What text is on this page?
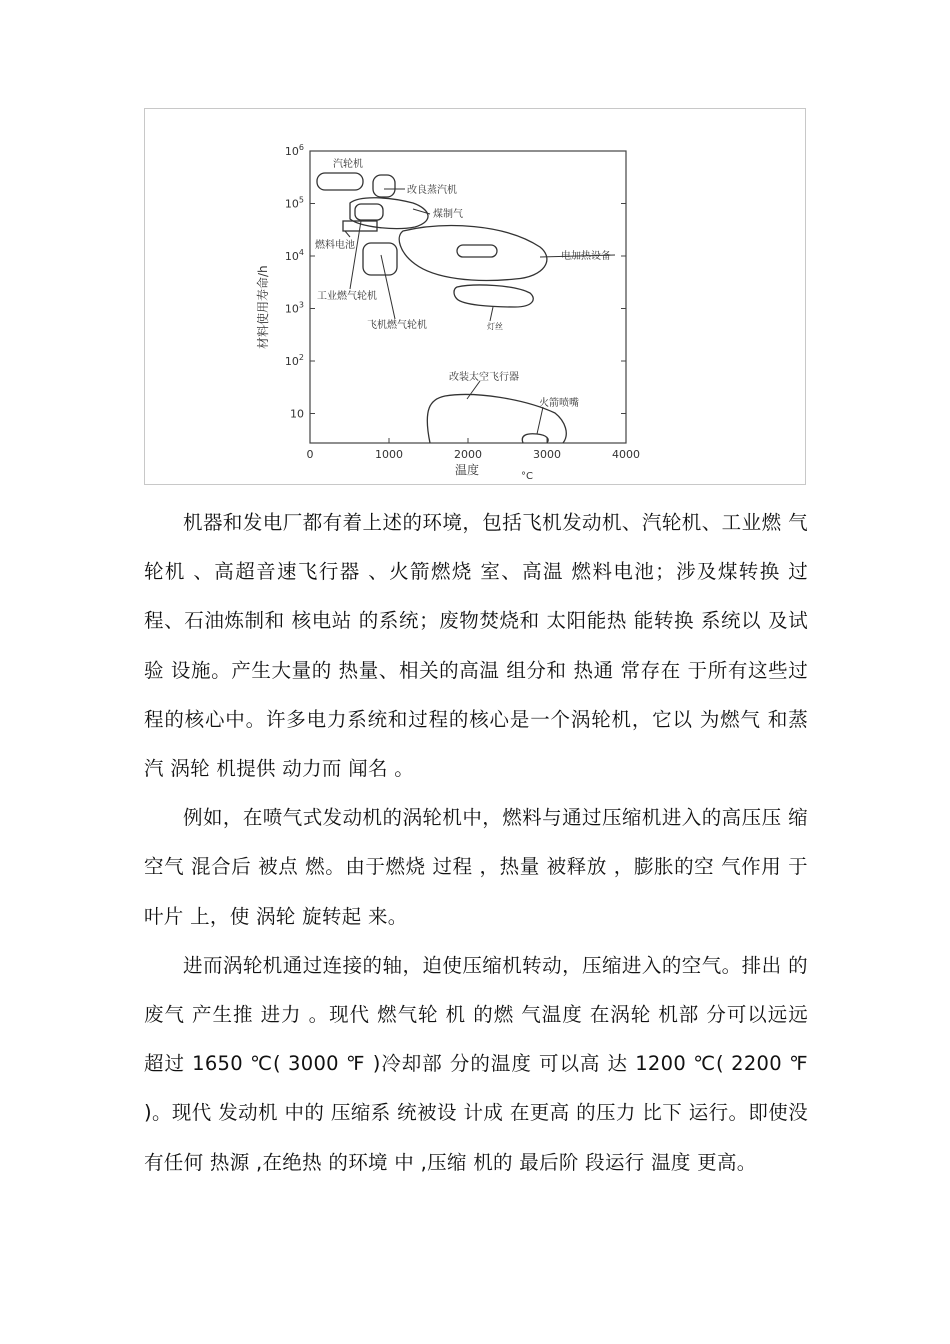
0	1000	2000	3000	4000
$10^6$
$10^5$
$10^4$
$10^3$
$10^2$
10
汽轮机
改良蒸汽机
煤制气
燃料电池
电加热设备
工业燃气轮机
飞机燃气轮机	灯丝
改装太空飞行器
火箭喷嘴
温度	°C
材料使用寿命/h

机器和发电厂都有着上述的环境，包括飞机发动机、汽轮机、工业燃 气轮机 、高超音速飞行器 、火箭燃烧 室、高温 燃料电池；涉及煤转换 过程、石油炼制和 核电站 的系统；废物焚烧和 太阳能热 能转换 系统以 及试验 设施。产生大量的 热量、相关的高温 组分和 热通 常存在 于所有这些过程的核心中。许多电力系统和过程的核心是一个涡轮机，它以 为燃气 和蒸汽 涡轮 机提供 动力而 闻名 。

例如，在喷气式发动机的涡轮机中，燃料与通过压缩机进入的高压压 缩空气 混合后 被点 燃。由于燃烧 过程 ，热量 被释放 ，膨胀的空 气作用 于叶片 上，使 涡轮 旋转起 来。

进而涡轮机通过连接的轴，迫使压缩机转动，压缩进入的空气。排出 的废气 产生推 进力 。现代 燃气轮 机 的燃 气温度 在涡轮 机部 分可以远远 超过 1650 ℃( 3000 ℉ )冷却部 分的温度 可以高 达 1200 ℃( 2200 ℉ )。现代 发动机 中的 压缩系 统被设 计成 在更高 的压力 比下 运行。即使没 有任何 热源 ,在绝热 的环境 中 ,压缩 机的 最后阶 段运行 温度 更高。
